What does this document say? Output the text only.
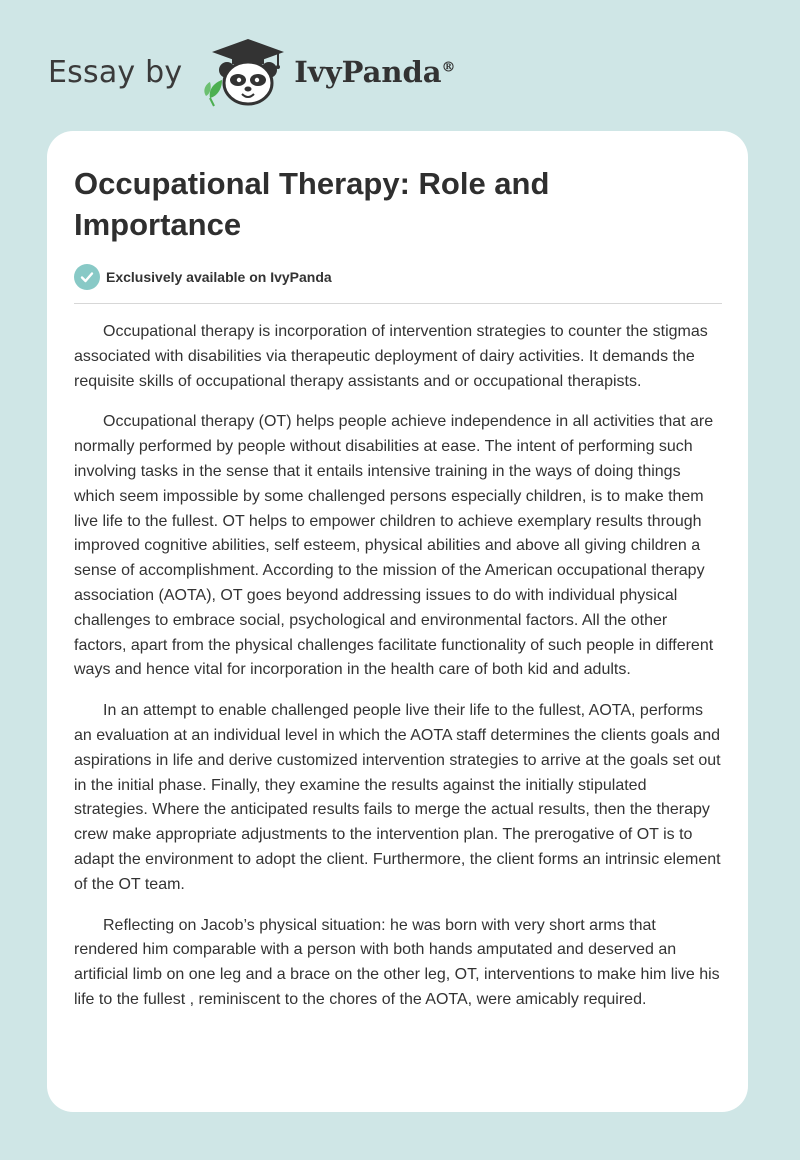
Essay by	IvyPanda®
Occupational Therapy: Role and Importance
Exclusively available on IvyPanda

Occupational therapy is incorporation of intervention strategies to counter the stigmas associated with disabilities via therapeutic deployment of dairy activities. It demands the requisite skills of occupational therapy assistants and or occupational therapists.

Occupational therapy (OT) helps people achieve independence in all activities that are normally performed by people without disabilities at ease. The intent of performing such involving tasks in the sense that it entails intensive training in the ways of doing things which seem impossible by some challenged persons especially children, is to make them live life to the fullest. OT helps to empower children to achieve exemplary results through improved cognitive abilities, self esteem, physical abilities and above all giving children a sense of accomplishment. According to the mission of the American occupational therapy association (AOTA), OT goes beyond addressing issues to do with individual physical challenges to embrace social, psychological and environmental factors. All the other factors, apart from the physical challenges facilitate functionality of such people in different ways and hence vital for incorporation in the health care of both kid and adults.

In an attempt to enable challenged people live their life to the fullest, AOTA, performs an evaluation at an individual level in which the AOTA staff determines the clients goals and aspirations in life and derive customized intervention strategies to arrive at the goals set out in the initial phase. Finally, they examine the results against the initially stipulated strategies. Where the anticipated results fails to merge the actual results, then the therapy crew make appropriate adjustments to the intervention plan. The prerogative of OT is to adapt the environment to adopt the client. Furthermore, the client forms an intrinsic element of the OT team.

Reflecting on Jacob’s physical situation: he was born with very short arms that rendered him comparable with a person with both hands amputated and deserved an artificial limb on one leg and a brace on the other leg, OT, interventions to make him live his life to the fullest , reminiscent to the chores of the AOTA, were amicably required.
